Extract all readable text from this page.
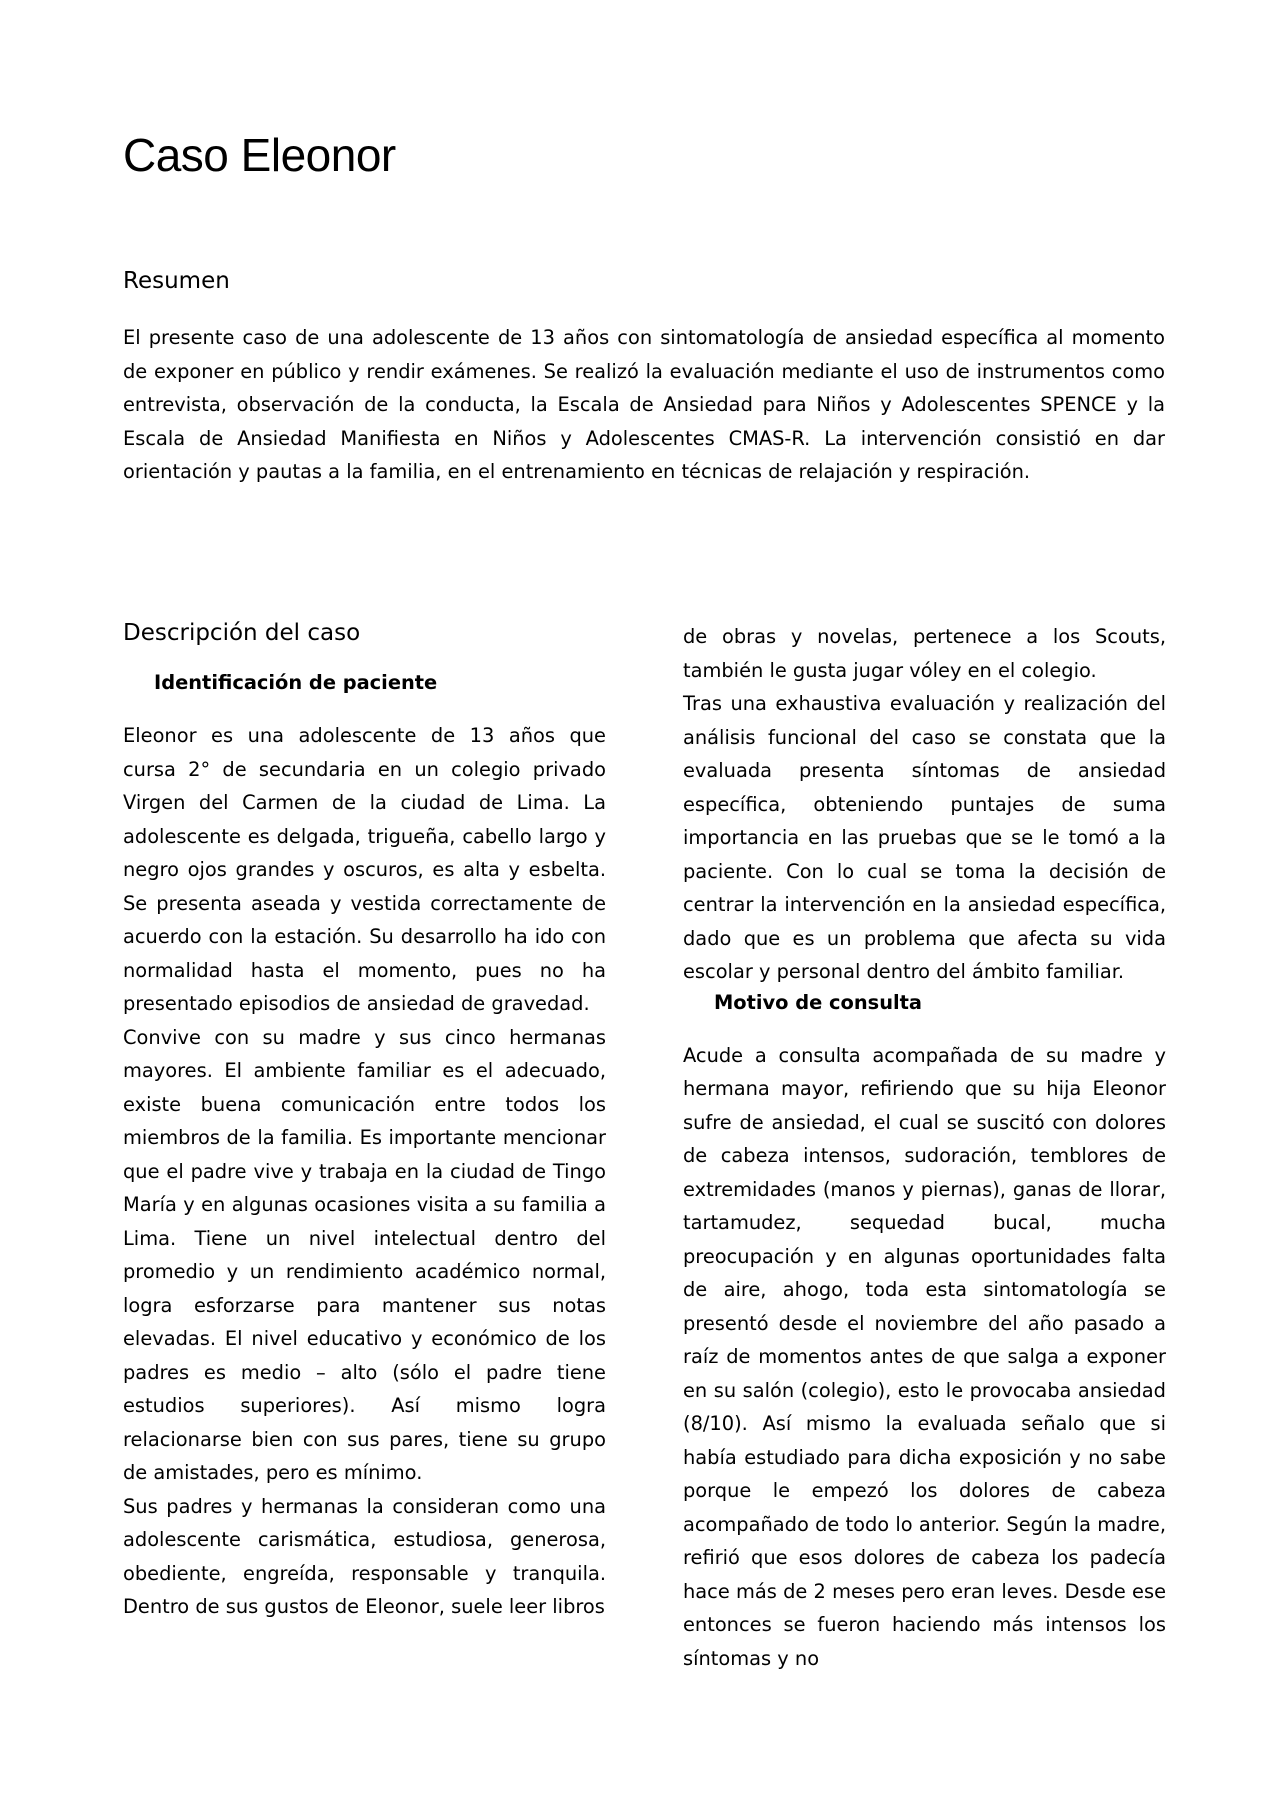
Caso Eleonor
Resumen

El presente caso de una adolescente de 13 años con sintomatología de ansiedad específica al momento de exponer en público y rendir exámenes. Se realizó la evaluación mediante el uso de instrumentos como entrevista, observación de la conducta, la Escala de Ansiedad para Niños y Adolescentes SPENCE y la Escala de Ansiedad Manifiesta en Niños y Adolescentes CMAS-R. La intervención consistió en dar orientación y pautas a la familia, en el entrenamiento en técnicas de relajación y respiración.

Descripción del caso
Identificación de paciente

Eleonor es una adolescente de 13 años que cursa 2° de secundaria en un colegio privado Virgen del Carmen de la ciudad de Lima. La adolescente es delgada, trigueña, cabello largo y negro ojos grandes y oscuros, es alta y esbelta. Se presenta aseada y vestida correctamente de acuerdo con la estación. Su desarrollo ha ido con normalidad hasta el momento, pues no ha presentado episodios de ansiedad de gravedad.

Convive con su madre y sus cinco hermanas mayores. El ambiente familiar es el adecuado, existe buena comunicación entre todos los miembros de la familia. Es importante mencionar que el padre vive y trabaja en la ciudad de Tingo María y en algunas ocasiones visita a su familia a Lima. Tiene un nivel intelectual dentro del promedio y un rendimiento académico normal, logra esforzarse para mantener sus notas elevadas. El nivel educativo y económico de los padres es medio – alto (sólo el padre tiene estudios superiores). Así mismo logra relacionarse bien con sus pares, tiene su grupo de amistades, pero es mínimo.

Sus padres y hermanas la consideran como una adolescente carismática, estudiosa, generosa, obediente, engreída, responsable y tranquila. Dentro de sus gustos de Eleonor, suele leer libros

de obras y novelas, pertenece a los Scouts, también le gusta jugar vóley en el colegio.

Tras una exhaustiva evaluación y realización del análisis funcional del caso se constata que la evaluada presenta síntomas de ansiedad específica, obteniendo puntajes de suma importancia en las pruebas que se le tomó a la paciente. Con lo cual se toma la decisión de centrar la intervención en la ansiedad específica, dado que es un problema que afecta su vida escolar y personal dentro del ámbito familiar.

Motivo de consulta

Acude a consulta acompañada de su madre y hermana mayor, refiriendo que su hija Eleonor sufre de ansiedad, el cual se suscitó con dolores de cabeza intensos, sudoración, temblores de extremidades (manos y piernas), ganas de llorar, tartamudez, sequedad bucal, mucha preocupación y en algunas oportunidades falta de aire, ahogo, toda esta sintomatología se presentó desde el noviembre del año pasado a raíz de momentos antes de que salga a exponer en su salón (colegio), esto le provocaba ansiedad (8/10). Así mismo la evaluada señalo que si había estudiado para dicha exposición y no sabe porque le empezó los dolores de cabeza acompañado de todo lo anterior. Según la madre, refirió que esos dolores de cabeza los padecía hace más de 2 meses pero eran leves. Desde ese entonces se fueron haciendo más intensos los síntomas y no
